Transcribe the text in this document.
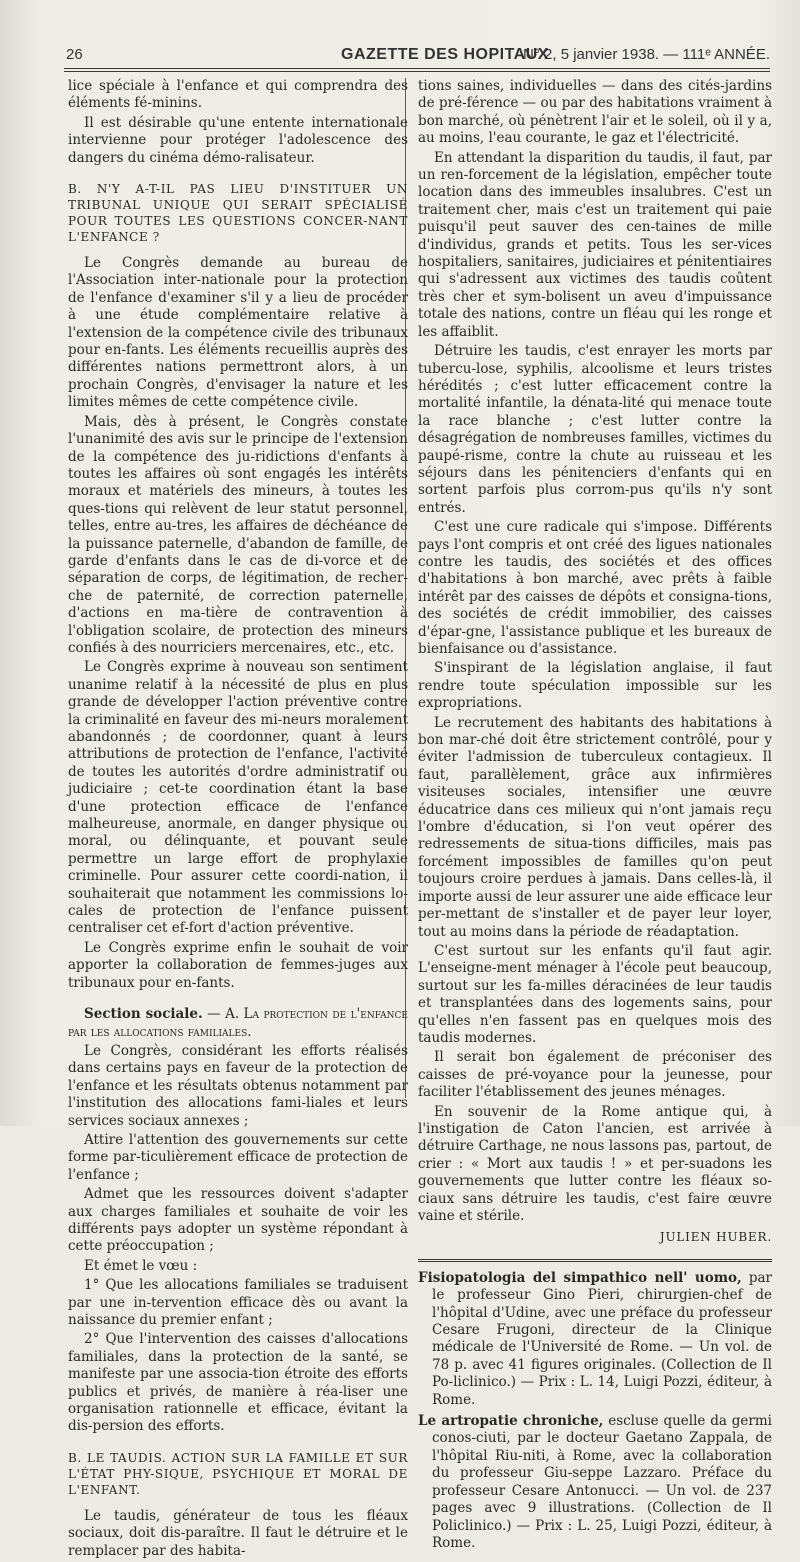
26	GAZETTE DES HOPITAUX
N° 2, 5 janvier 1938. — 111ᵉ ANNÉE.

lice spéciale à l'enfance et qui comprendra des éléments fé-minins.

Il est désirable qu'une entente internationale intervienne pour protéger l'adolescence des dangers du cinéma démo-ralisateur.

B. N'Y A-T-IL PAS LIEU D'INSTITUER UN TRIBUNAL UNIQUE QUI SERAIT SPÉCIALISÉ POUR TOUTES LES QUESTIONS CONCER-NANT L'ENFANCE ?

Le Congrès demande au bureau de l'Association inter-nationale pour la protection de l'enfance d'examiner s'il y a lieu de procéder à une étude complémentaire relative à l'extension de la compétence civile des tribunaux pour en-fants. Les éléments recueillis auprès des différentes nations permettront alors, à un prochain Congrès, d'envisager la nature et les limites mêmes de cette compétence civile.

Mais, dès à présent, le Congrès constate l'unanimité des avis sur le principe de l'extension de la compétence des ju-ridictions d'enfants à toutes les affaires où sont engagés les intérêts moraux et matériels des mineurs, à toutes les ques-tions qui relèvent de leur statut personnel, telles, entre au-tres, les affaires de déchéance de la puissance paternelle, d'abandon de famille, de garde d'enfants dans le cas de di-vorce et de séparation de corps, de légitimation, de recher-che de paternité, de correction paternelle, d'actions en ma-tière de contravention à l'obligation scolaire, de protection des mineurs confiés à des nourriciers mercenaires, etc., etc.

Le Congrès exprime à nouveau son sentiment unanime relatif à la nécessité de plus en plus grande de développer l'action préventive contre la criminalité en faveur des mi-neurs moralement abandonnés ; de coordonner, quant à leurs attributions de protection de l'enfance, l'activité de toutes les autorités d'ordre administratif ou judiciaire ; cet-te coordination étant la base d'une protection efficace de l'enfance malheureuse, anormale, en danger physique ou moral, ou délinquante, et pouvant seule permettre un large effort de prophylaxie criminelle. Pour assurer cette coordi-nation, il souhaiterait que notamment les commissions lo-cales de protection de l'enfance puissent centraliser cet ef-fort d'action préventive.

Le Congrès exprime enfin le souhait de voir apporter la collaboration de femmes-juges aux tribunaux pour en-fants.

Section sociale. — A. La protection de l'enfance par les allocations familiales.

Le Congrès, considérant les efforts réalisés dans certains pays en faveur de la protection de l'enfance et les résultats obtenus notamment par l'institution des allocations fami-liales et leurs services sociaux annexes ;

Attire l'attention des gouvernements sur cette forme par-ticulièrement efficace de protection de l'enfance ;

Admet que les ressources doivent s'adapter aux charges familiales et souhaite de voir les différents pays adopter un système répondant à cette préoccupation ;

Et émet le vœu :

1° Que les allocations familiales se traduisent par une in-tervention efficace dès ou avant la naissance du premier enfant ;

2° Que l'intervention des caisses d'allocations familiales, dans la protection de la santé, se manifeste par une associa-tion étroite des efforts publics et privés, de manière à réa-liser une organisation rationnelle et efficace, évitant la dis-persion des efforts.

B. LE TAUDIS. ACTION SUR LA FAMILLE ET SUR L'ÉTAT PHY-SIQUE, PSYCHIQUE ET MORAL DE L'ENFANT.

Le taudis, générateur de tous les fléaux sociaux, doit dis-paraître. Il faut le détruire et le remplacer par des habita-

tions saines, individuelles — dans des cités-jardins de pré-férence — ou par des habitations vraiment à bon marché, où pénètrent l'air et le soleil, où il y a, au moins, l'eau courante, le gaz et l'électricité.

En attendant la disparition du taudis, il faut, par un ren-forcement de la législation, empêcher toute location dans des immeubles insalubres. C'est un traitement cher, mais c'est un traitement qui paie puisqu'il peut sauver des cen-taines de mille d'individus, grands et petits. Tous les ser-vices hospitaliers, sanitaires, judiciaires et pénitentiaires qui s'adressent aux victimes des taudis coûtent très cher et sym-bolisent un aveu d'impuissance totale des nations, contre un fléau qui les ronge et les affaiblit.

Détruire les taudis, c'est enrayer les morts par tubercu-lose, syphilis, alcoolisme et leurs tristes hérédités ; c'est lutter efficacement contre la mortalité infantile, la dénata-lité qui menace toute la race blanche ; c'est lutter contre la désagrégation de nombreuses familles, victimes du paupé-risme, contre la chute au ruisseau et les séjours dans les pénitenciers d'enfants qui en sortent parfois plus corrom-pus qu'ils n'y sont entrés.

C'est une cure radicale qui s'impose. Différents pays l'ont compris et ont créé des ligues nationales contre les taudis, des sociétés et des offices d'habitations à bon marché, avec prêts à faible intérêt par des caisses de dépôts et consigna-tions, des sociétés de crédit immobilier, des caisses d'épar-gne, l'assistance publique et les bureaux de bienfaisance ou d'assistance.

S'inspirant de la législation anglaise, il faut rendre toute spéculation impossible sur les expropriations.

Le recrutement des habitants des habitations à bon mar-ché doit être strictement contrôlé, pour y éviter l'admission de tuberculeux contagieux. Il faut, parallèlement, grâce aux infirmières visiteuses sociales, intensifier une œuvre éducatrice dans ces milieux qui n'ont jamais reçu l'ombre d'éducation, si l'on veut opérer des redressements de situa-tions difficiles, mais pas forcément impossibles de familles qu'on peut toujours croire perdues à jamais. Dans celles-là, il importe aussi de leur assurer une aide efficace leur per-mettant de s'installer et de payer leur loyer, tout au moins dans la période de réadaptation.

C'est surtout sur les enfants qu'il faut agir. L'enseigne-ment ménager à l'école peut beaucoup, surtout sur les fa-milles déracinées de leur taudis et transplantées dans des logements sains, pour qu'elles n'en fassent pas en quelques mois des taudis modernes.

Il serait bon également de préconiser des caisses de pré-voyance pour la jeunesse, pour faciliter l'établissement des jeunes ménages.

En souvenir de la Rome antique qui, à l'instigation de Caton l'ancien, est arrivée à détruire Carthage, ne nous lassons pas, partout, de crier : « Mort aux taudis ! » et per-suadons les gouvernements que lutter contre les fléaux so-ciaux sans détruire les taudis, c'est faire œuvre vaine et stérile.

JULIEN HUBER.

Fisiopatologia del simpathico nell' uomo, par le professeur Gino Pieri, chirurgien-chef de l'hôpital d'Udine, avec une préface du professeur Cesare Frugoni, directeur de la Clinique médicale de l'Université de Rome. — Un vol. de 78 p. avec 41 figures originales. (Collection de Il Po-liclinico.) — Prix : L. 14, Luigi Pozzi, éditeur, à Rome.

Le artropatie chroniche, escluse quelle da germi conos-ciuti, par le docteur Gaetano Zappala, de l'hôpital Riu-niti, à Rome, avec la collaboration du professeur Giu-seppe Lazzaro. Préface du professeur Cesare Antonucci. — Un vol. de 237 pages avec 9 illustrations. (Collection de Il Policlinico.) — Prix : L. 25, Luigi Pozzi, éditeur, à Rome.
